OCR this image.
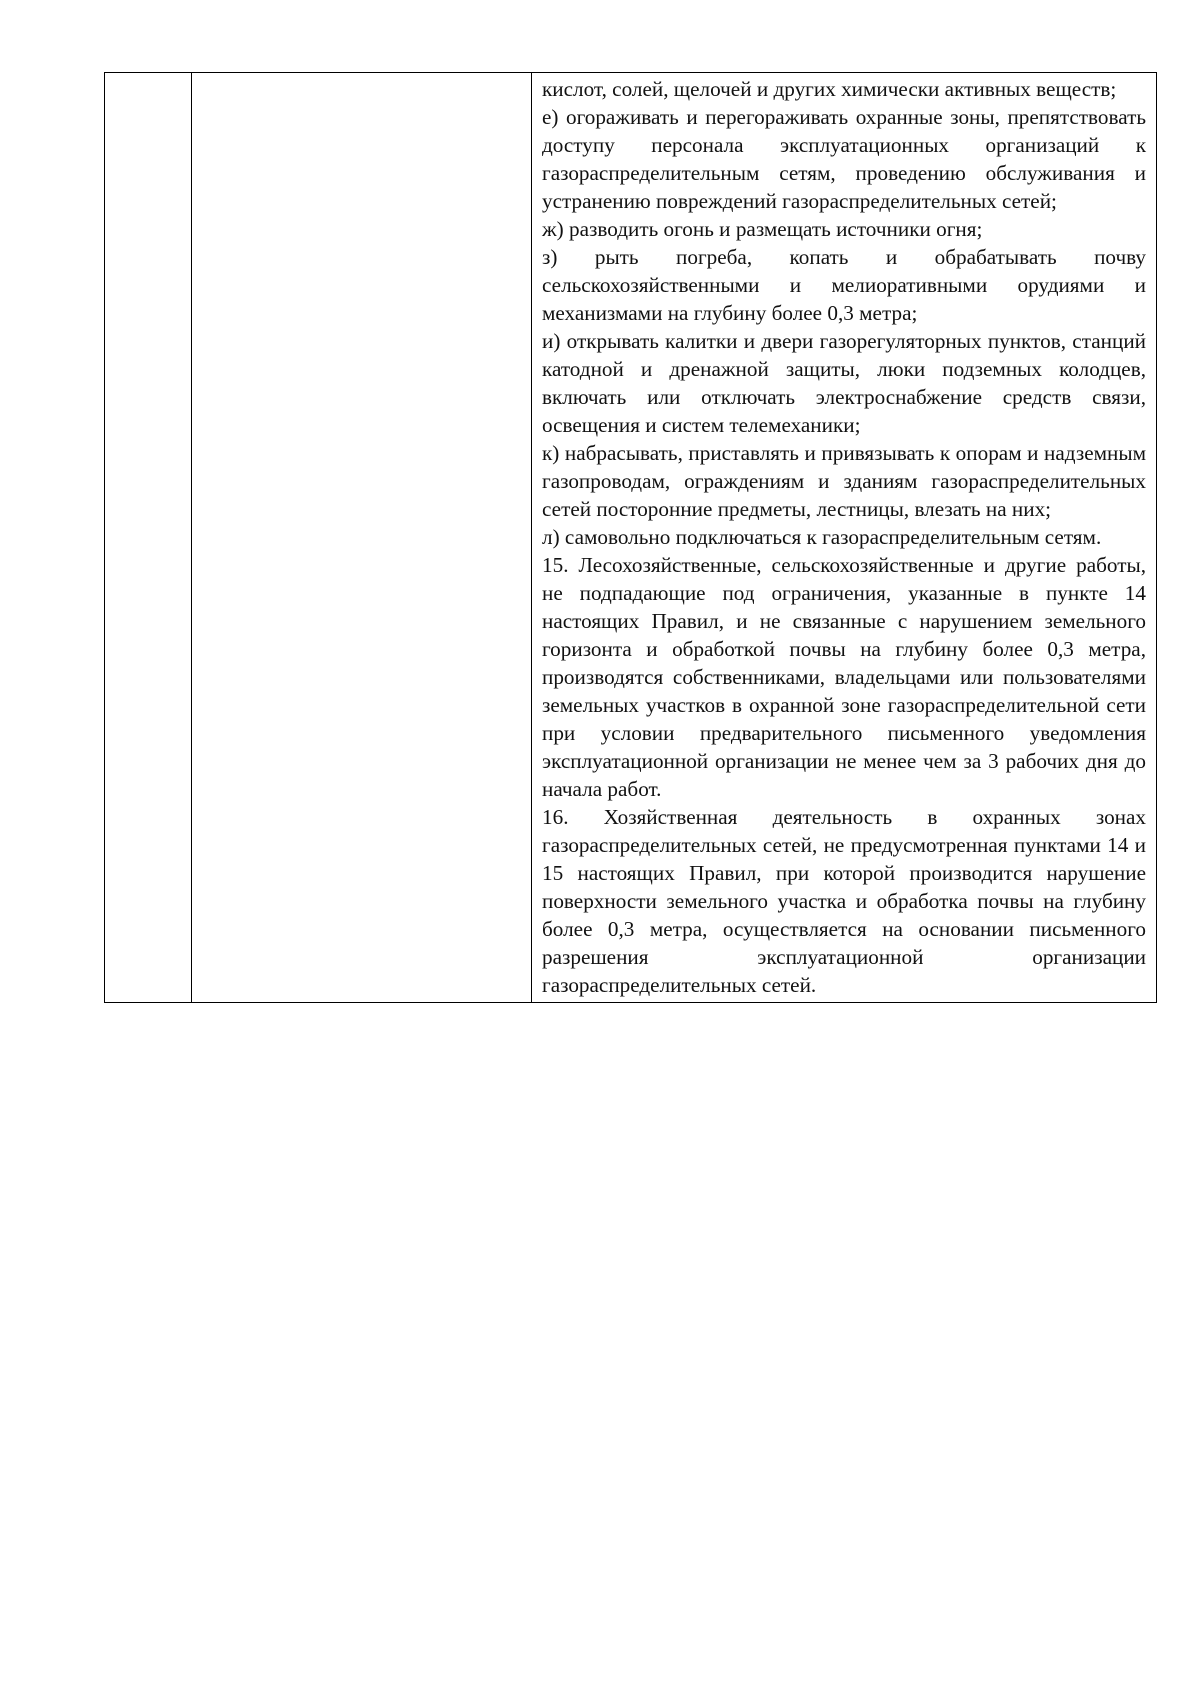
кислот, солей, щелочей и других химически активных веществ;

е) огораживать и перегораживать охранные зоны, препятствовать доступу персонала эксплуатационных организаций к газораспределительным сетям, проведению обслуживания и устранению повреждений газораспределительных сетей;

ж) разводить огонь и размещать источники огня;

з) рыть погреба, копать и обрабатывать почву сельскохозяйственными и мелиоративными орудиями и механизмами на глубину более 0,3 метра;

и) открывать калитки и двери газорегуляторных пунктов, станций катодной и дренажной защиты, люки подземных колодцев, включать или отключать электроснабжение средств связи, освещения и систем телемеханики;

к) набрасывать, приставлять и привязывать к опорам и надземным газопроводам, ограждениям и зданиям газораспределительных сетей посторонние предметы, лестницы, влезать на них;

л) самовольно подключаться к газораспределительным сетям.

15. Лесохозяйственные, сельскохозяйственные и другие работы, не подпадающие под ограничения, указанные в пункте 14 настоящих Правил, и не связанные с нарушением земельного горизонта и обработкой почвы на глубину более 0,3 метра, производятся собственниками, владельцами или пользователями земельных участков в охранной зоне газораспределительной сети при условии предварительного письменного уведомления эксплуатационной организации не менее чем за 3 рабочих дня до начала работ.

16. Хозяйственная деятельность в охранных зонах газораспределительных сетей, не предусмотренная пунктами 14 и 15 настоящих Правил, при которой производится нарушение поверхности земельного участка и обработка почвы на глубину более 0,3 метра, осуществляется на основании письменного разрешения эксплуатационной организации газораспределительных сетей.
